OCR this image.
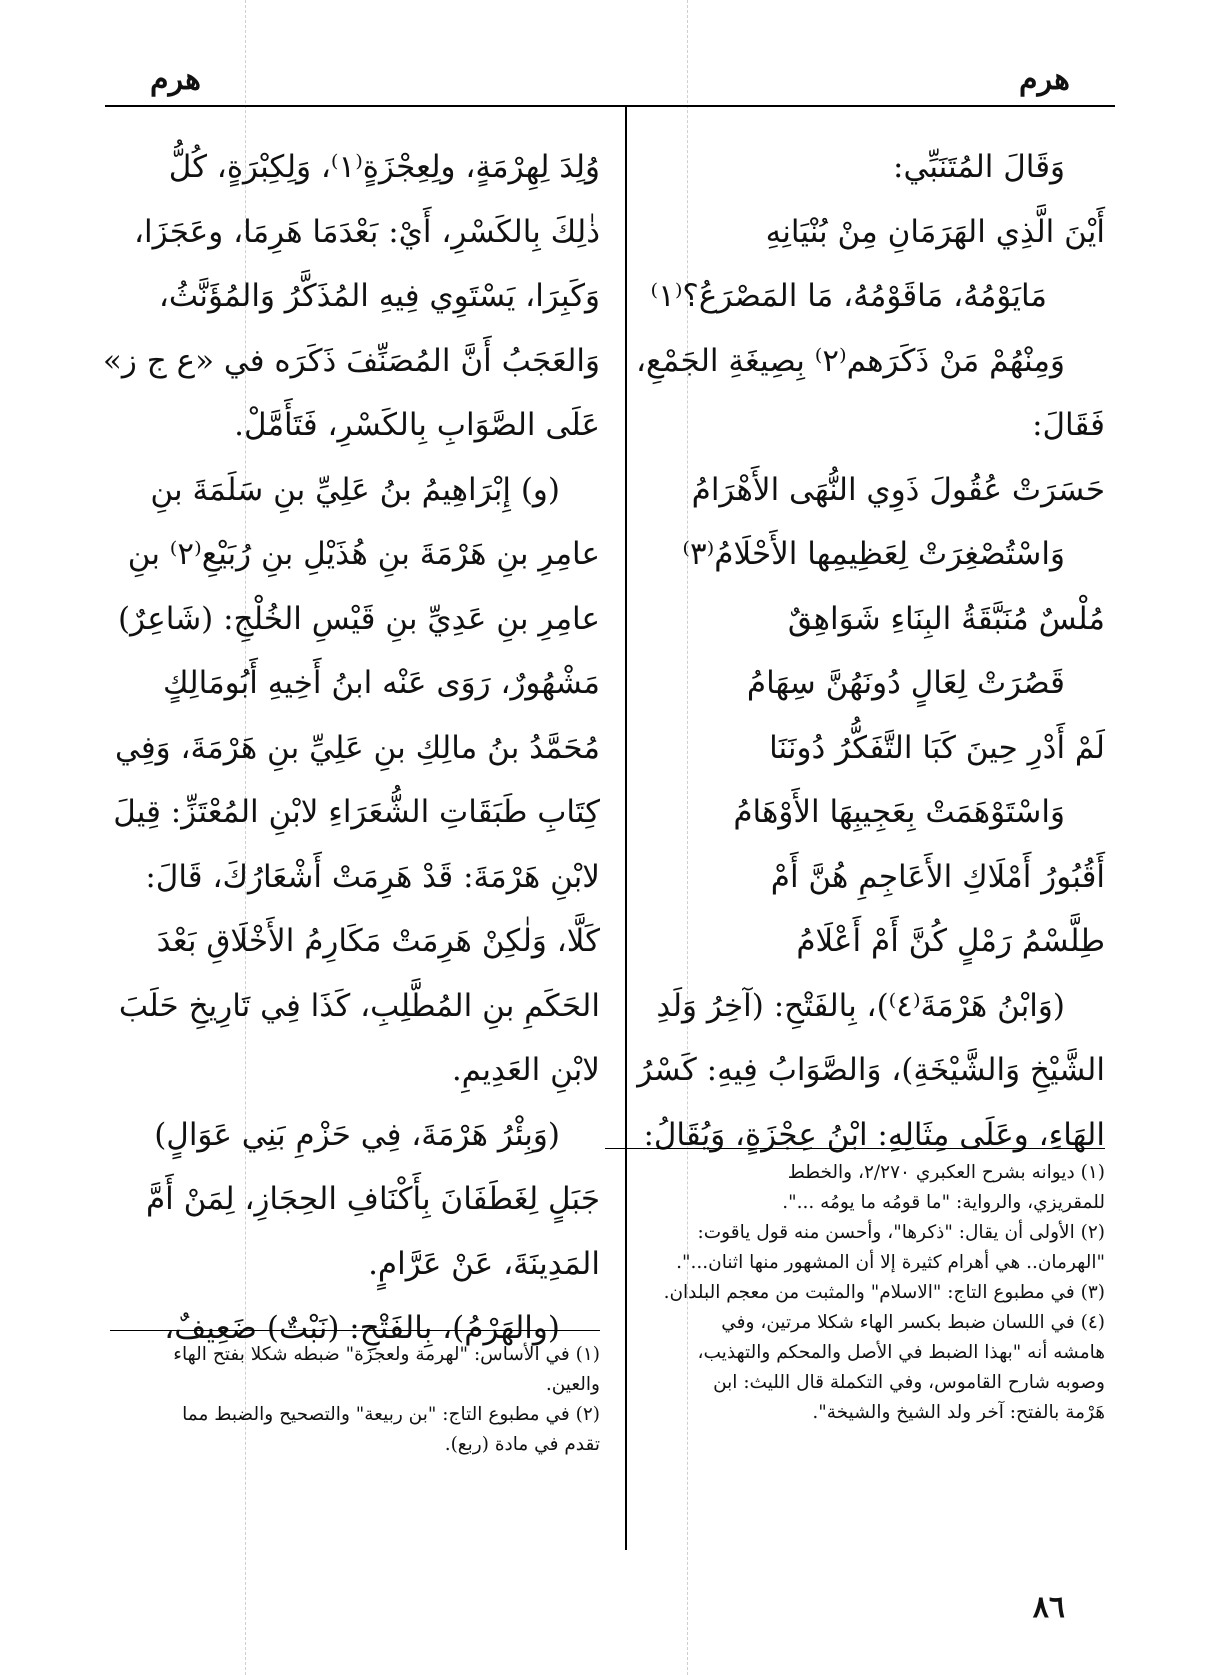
هرم	هرم
وَقَالَ المُتَنَبِّي:
أَيْنَ الَّذِي الهَرَمَانِ مِنْ بُنْيَانِهِ
مَايَوْمُهُ، مَاقَوْمُهُ، مَا المَصْرَعُ؟⁽١⁾
وَمِنْهُمْ مَنْ ذَكَرَهم⁽٢⁾ بِصِيغَةِ الجَمْعِ،
فَقَالَ:
حَسَرَتْ عُقُولَ ذَوِي النُّهَى الأَهْرَامُ
وَاسْتُصْغِرَتْ لِعَظِيمِها الأَحْلَامُ⁽٣⁾
مُلْسٌ مُنَبَّقَةُ البِنَاءِ شَوَاهِقٌ
قَصُرَتْ لِعَالٍ دُونَهُنَّ سِهَامُ
لَمْ أَدْرِ حِينَ كَبَا التَّفَكُّرُ دُونَنَا
وَاسْتَوْهَمَتْ بِعَجِيبِهَا الأَوْهَامُ
أَقُبُورُ أَمْلَاكِ الأَعَاجِمِ هُنَّ أَمْ
طِلَّسْمُ رَمْلٍ كُنَّ أَمْ أَعْلَامُ
(وَابْنُ هَرْمَةَ⁽٤⁾)، بِالفَتْحِ: (آخِرُ وَلَدِ
الشَّيْخِ وَالشَّيْخَةِ)، وَالصَّوَابُ فِيهِ: كَسْرُ
الهَاءِ، وعَلَى مِثَالِهِ: ابْنُ عِجْزَةٍ، وَيُقَالُ:
وُلِدَ لِهِرْمَةٍ، ولِعِجْزَةٍ⁽١⁾، وَلِكِبْرَةٍ، كُلُّ
ذٰلِكَ بِالكَسْرِ، أَيْ: بَعْدَمَا هَرِمَا، وعَجَزَا،
وَكَبِرَا، يَسْتَوِي فِيهِ المُذَكَّرُ وَالمُؤَنَّثُ،
وَالعَجَبُ أَنَّ المُصَنِّفَ ذَكَرَه في «ع ج ز»
عَلَى الصَّوَابِ بِالكَسْرِ، فَتَأَمَّلْ.
(و) إِبْرَاهِيمُ بنُ عَلِيِّ بنِ سَلَمَةَ بنِ
عامِرِ بنِ هَرْمَةَ بنِ هُذَيْلِ بنِ رُبَيْعِ⁽٢⁾ بنِ
عامِرِ بنِ عَدِيِّ بنِ قَيْسِ الخُلْجِ: (شَاعِرٌ)
مَشْهُورٌ، رَوَى عَنْه ابنُ أَخِيهِ أَبُومَالِكٍ
مُحَمَّدُ بنُ مالِكِ بنِ عَلِيِّ بنِ هَرْمَةَ، وَفِي
كِتَابِ طَبَقَاتِ الشُّعَرَاءِ لابْنِ المُعْتَزِّ: قِيلَ
لابْنِ هَرْمَةَ: قَدْ هَرِمَتْ أَشْعَارُكَ، قَالَ:
كَلَّا، وَلٰكِنْ هَرِمَتْ مَكَارِمُ الأَخْلَاقِ بَعْدَ
الحَكَمِ بنِ المُطَّلِبِ، كَذَا فِي تَارِيخِ حَلَبَ
لابْنِ العَدِيمِ.
(وَبِئْرُ هَرْمَةَ، فِي حَزْمِ بَنِي عَوَالٍ)
جَبَلٍ لِغَطَفَانَ بِأَكْنَافِ الحِجَازِ، لِمَنْ أَمَّ
المَدِينَةَ، عَنْ عَرَّامٍ.
(والهَرْمُ)، بِالفَتْحِ: (نَبْتٌ) ضَعِيفٌ،
(١) ديوانه بشرح العكبري ٢/٢٧٠، والخطط
للمقريزي، والرواية: "ما قومُه ما يومُه ...".
(٢) الأولى أن يقال: "ذكرها"، وأحسن منه قول ياقوت:
"الهرمان.. هي أهرام كثيرة إلا أن المشهور منها اثنان...".
(٣) في مطبوع التاج: "الاسلام" والمثبت من معجم البلدان.
(٤) في اللسان ضبط بكسر الهاء شكلا مرتين، وفي
هامشه أنه "بهذا الضبط في الأصل والمحكم والتهذيب،
وصوبه شارح القاموس، وفي التكملة قال الليث: ابن
هَرْمة بالفتح: آخر ولد الشيخ والشيخة".
(١) في الأساس: "لهرمة ولعجزة" ضبطه شكلا بفتح الهاء
والعين.
(٢) في مطبوع التاج: "بن ربيعة" والتصحيح والضبط مما
تقدم في مادة (ربع).
٨٦
